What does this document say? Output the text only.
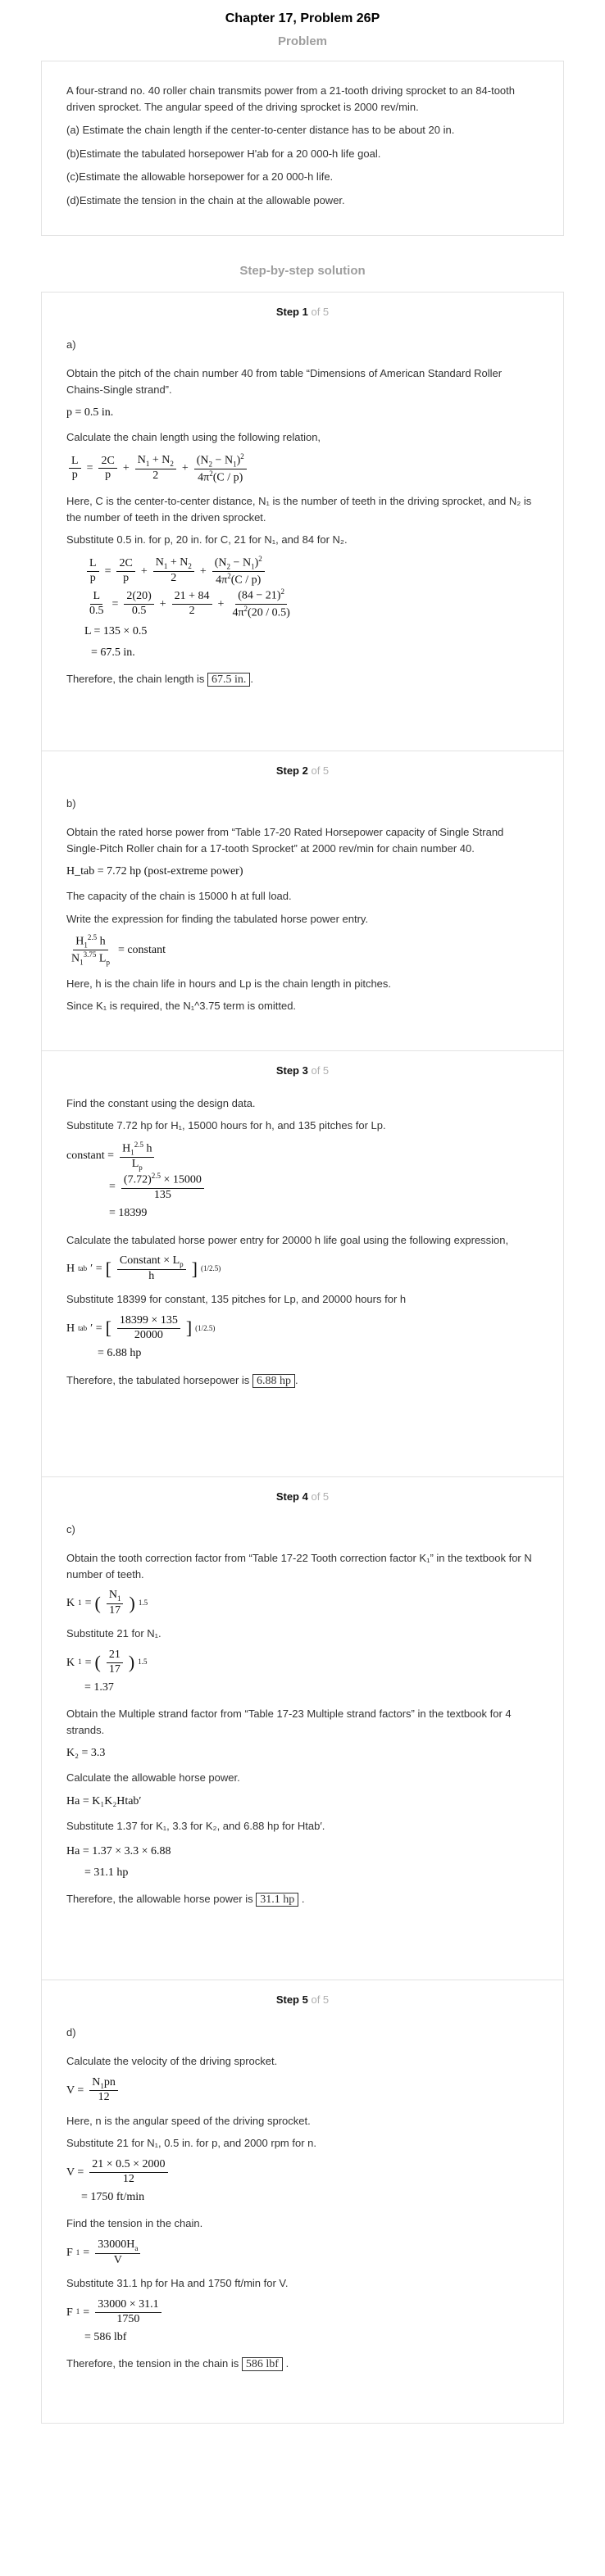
Chapter 17, Problem 26P
Problem

A four-strand no. 40 roller chain transmits power from a 21-tooth driving sprocket to an 84-tooth driven sprocket. The angular speed of the driving sprocket is 2000 rev/min.

(a) Estimate the chain length if the center-to-center distance has to be about 20 in.

(b)Estimate the tabulated horsepower H'ab for a 20 000-h life goal.

(c)Estimate the allowable horsepower for a 20 000-h life.

(d)Estimate the tension in the chain at the allowable power.

Step-by-step solution
Step 1 of 5

a)

Obtain the pitch of the chain number 40 from table “Dimensions of American Standard Roller Chains-Single strand”.

p = 0.5 in.

Calculate the chain length using the following relation,

$\frac{L}{p} = \frac{2C}{p} + \frac{N_1 + N_2}{2} + \frac{(N_2 - N_1)^2}{4\pi^2(C / p)}$

Here, C is the center-to-center distance, N₁ is the number of teeth in the driving sprocket, and N₂ is the number of teeth in the driven sprocket.

Substitute 0.5 in. for p, 20 in. for C, 21 for N₁, and 84 for N₂.

$\frac{L}{p} = \frac{2C}{p} + \frac{N_1 + N_2}{2} + \frac{(N_2 - N_1)^2}{4\pi^2(C / p)}$
$\frac{L}{0.5} = \frac{2(20)}{0.5} + \frac{21 + 84}{2} + \frac{(84 - 21)^2}{4\pi^2(20 / 0.5)}$
L = 135 × 0.5
= 67.5 in.

Therefore, the chain length is 67.5 in. .

Step 2 of 5

b)

Obtain the rated horse power from “Table 17-20 Rated Horsepower capacity of Single Strand Single-Pitch Roller chain for a 17-tooth Sprocket” at 2000 rev/min for chain number 40.

H_tab = 7.72 hp (post-extreme power)

The capacity of the chain is 15000 h at full load.

Write the expression for finding the tabulated horse power entry.

$\frac{H_1^{2.5} h}{N_1^{3.75} L_p}$ = constant

Here, h is the chain life in hours and Lp is the chain length in pitches.

Since K₁ is required, the N₁^3.75 term is omitted.

Step 3 of 5

Find the constant using the design data.

Substitute 7.72 hp for H₁, 15000 hours for h, and 135 pitches for Lp.

constant = $\frac{H_1^{2.5} h}{L_p}$
= $\frac{(7.72)^{2.5} \times 15000}{135}$
= 18399

Calculate the tabulated horse power entry for 20000 h life goal using the following expression,

H tab ′ = [ $\frac{Constant \times L_p}{h}$ ] (1/2.5)

Substitute 18399 for constant, 135 pitches for Lp, and 20000 hours for h

H tab ′ = [ $\frac{18399 \times 135}{20000}$ ] (1/2.5)
= 6.88 hp

Therefore, the tabulated horsepower is 6.88 hp .

Step 4 of 5

c)

Obtain the tooth correction factor from “Table 17-22 Tooth correction factor K₁” in the textbook for N number of teeth.

K 1 = ( $\frac{N_1}{17}$ ) 1.5

Substitute 21 for N₁.

K 1 = ( $\frac{21}{17}$ ) 1.5
= 1.37

Obtain the Multiple strand factor from “Table 17-23 Multiple strand factors” in the textbook for 4 strands.

K₂ = 3.3

Calculate the allowable horse power.

Ha = K₁K₂Htab′

Substitute 1.37 for K₁, 3.3 for K₂, and 6.88 hp for Htab′.

Ha = 1.37 × 3.3 × 6.88
= 31.1 hp

Therefore, the allowable horse power is 31.1 hp .

Step 5 of 5

d)

Calculate the velocity of the driving sprocket.

$V = \frac{N_1pn}{12}$

Here, n is the angular speed of the driving sprocket.

Substitute 21 for N₁, 0.5 in. for p, and 2000 rpm for n.

$V = \frac{21 \times 0.5 \times 2000}{12}$
= 1750 ft/min

Find the tension in the chain.

F $1 = \frac{33000H_a}{V}$

Substitute 31.1 hp for Ha and 1750 ft/min for V.

F $1 = \frac{33000 \times 31.1}{1750}$
= 586 lbf

Therefore, the tension in the chain is 586 lbf .
